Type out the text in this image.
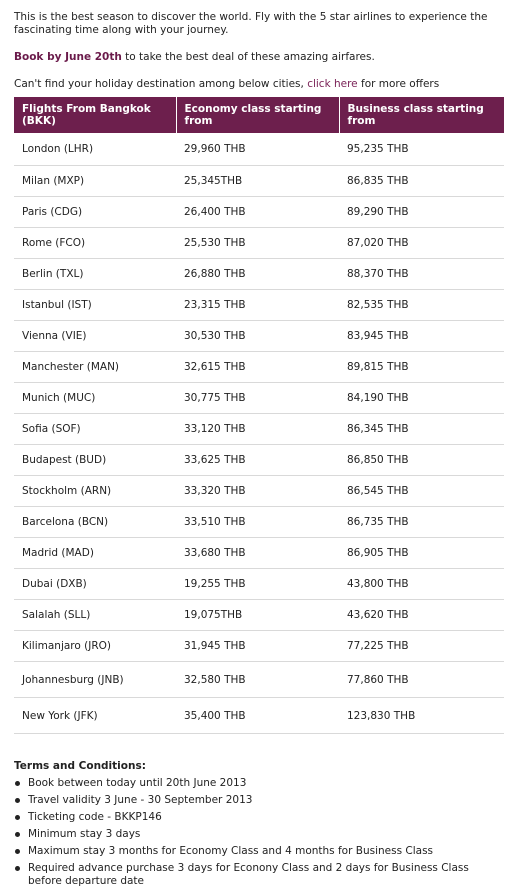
This is the best season to discover the world. Fly with the 5 star airlines to experience the fascinating time along with your journey.

Book by June 20th to take the best deal of these amazing airfares.

Can't find your holiday destination among below cities, click here for more offers

Flights From Bangkok (BKK)	Economy class starting from	Business class starting from
London (LHR)	29,960 THB	95,235 THB
Milan (MXP)	25,345THB	86,835 THB
Paris (CDG)	26,400 THB	89,290 THB
Rome (FCO)	25,530 THB	87,020 THB
Berlin (TXL)	26,880 THB	88,370 THB
Istanbul (IST)	23,315 THB	82,535 THB
Vienna (VIE)	30,530 THB	83,945 THB
Manchester (MAN)	32,615 THB	89,815 THB
Munich (MUC)	30,775 THB	84,190 THB
Sofia (SOF)	33,120 THB	86,345 THB
Budapest (BUD)	33,625 THB	86,850 THB
Stockholm (ARN)	33,320 THB	86,545 THB
Barcelona (BCN)	33,510 THB	86,735 THB
Madrid (MAD)	33,680 THB	86,905 THB
Dubai (DXB)	19,255 THB	43,800 THB
Salalah (SLL)	19,075THB	43,620 THB
Kilimanjaro (JRO)	31,945 THB	77,225 THB
Johannesburg (JNB)	32,580 THB	77,860 THB
New York (JFK)	35,400 THB	123,830 THB
Terms and Conditions:
Book between today until 20th June 2013
Travel validity 3 June - 30 September 2013
Ticketing code - BKKP146
Minimum stay 3 days
Maximum stay 3 months for Economy Class and 4 months for Business Class
Required advance purchase 3 days for Econony Class and 2 days for Business Class before departure date
